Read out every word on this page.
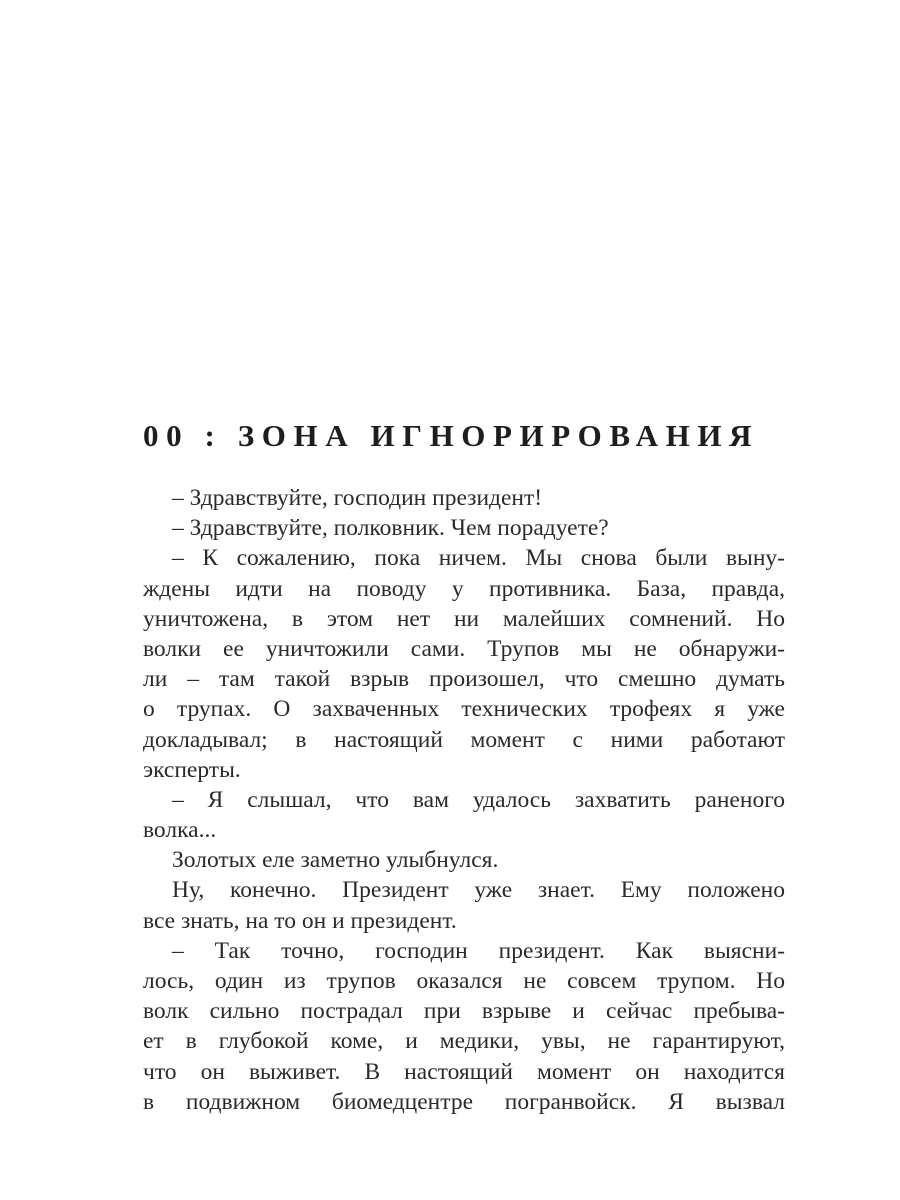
00 : ЗОНА ИГНОРИРОВАНИЯ
– Здравствуйте, господин президент!
– Здравствуйте, полковник. Чем порадуете?
– К сожалению, пока ничем. Мы снова были выну-
ждены идти на поводу у противника. База, правда,
уничтожена, в этом нет ни малейших сомнений. Но
волки ее уничтожили сами. Трупов мы не обнаружи-
ли – там такой взрыв произошел, что смешно думать
о трупах. О захваченных технических трофеях я уже
докладывал; в настоящий момент с ними работают
эксперты.
– Я слышал, что вам удалось захватить раненого
волка...
Золотых еле заметно улыбнулся.
Ну, конечно. Президент уже знает. Ему положено
все знать, на то он и президент.
– Так точно, господин президент. Как выясни-
лось, один из трупов оказался не совсем трупом. Но
волк сильно пострадал при взрыве и сейчас пребыва-
ет в глубокой коме, и медики, увы, не гарантируют,
что он выживет. В настоящий момент он находится
в подвижном биомедцентре погранвойск. Я вызвал
